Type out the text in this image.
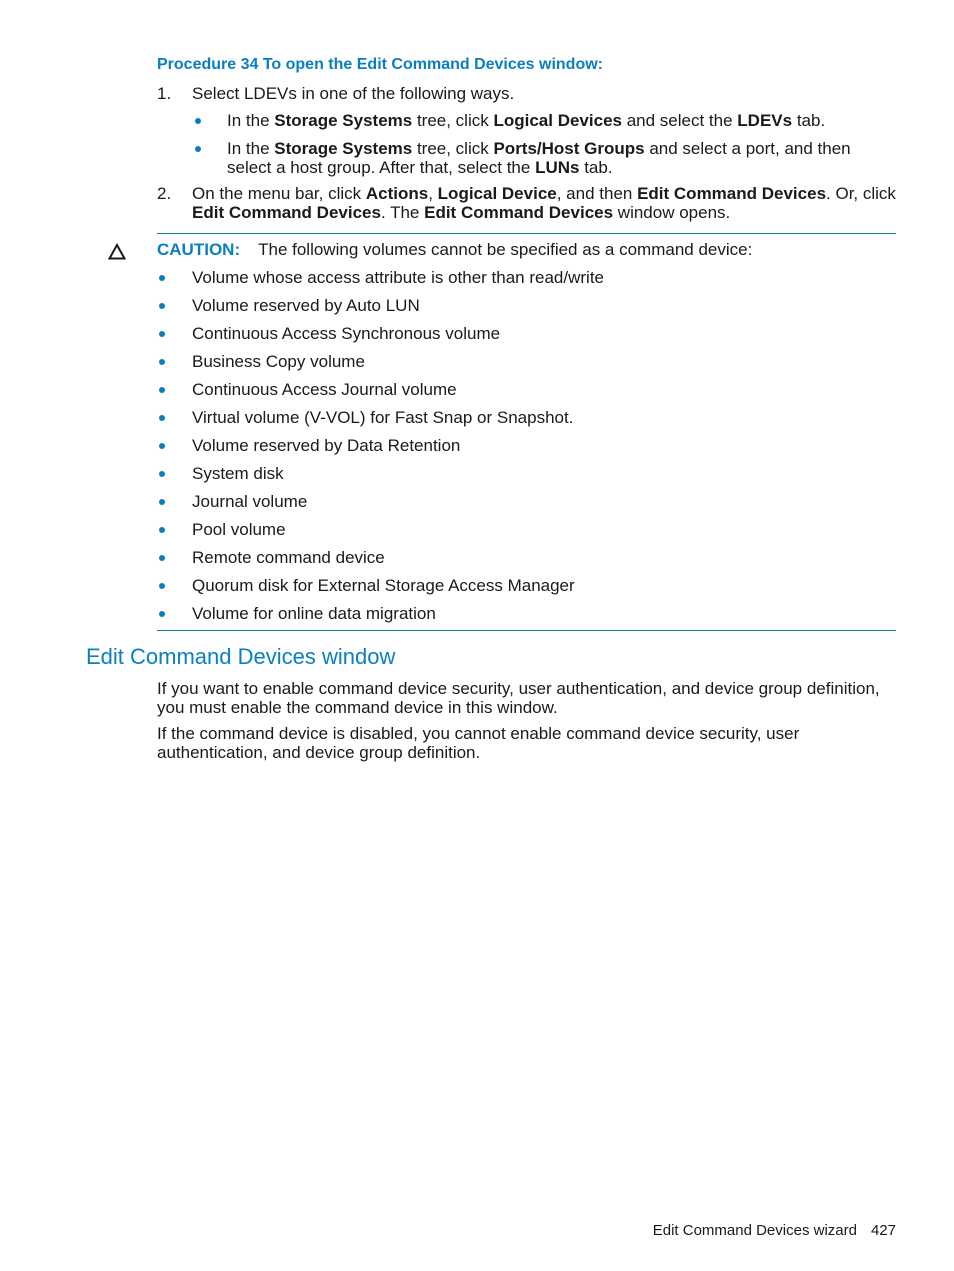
Procedure 34 To open the Edit Command Devices window:
1. Select LDEVs in one of the following ways.
In the Storage Systems tree, click Logical Devices and select the LDEVs tab.
In the Storage Systems tree, click Ports/Host Groups and select a port, and then select a host group. After that, select the LUNs tab.
2. On the menu bar, click Actions, Logical Device, and then Edit Command Devices. Or, click Edit Command Devices. The Edit Command Devices window opens.
CAUTION: The following volumes cannot be specified as a command device:
Volume whose access attribute is other than read/write
Volume reserved by Auto LUN
Continuous Access Synchronous volume
Business Copy volume
Continuous Access Journal volume
Virtual volume (V-VOL) for Fast Snap or Snapshot.
Volume reserved by Data Retention
System disk
Journal volume
Pool volume
Remote command device
Quorum disk for External Storage Access Manager
Volume for online data migration
Edit Command Devices window
If you want to enable command device security, user authentication, and device group definition, you must enable the command device in this window.
If the command device is disabled, you cannot enable command device security, user authentication, and device group definition.
Edit Command Devices wizard 427
